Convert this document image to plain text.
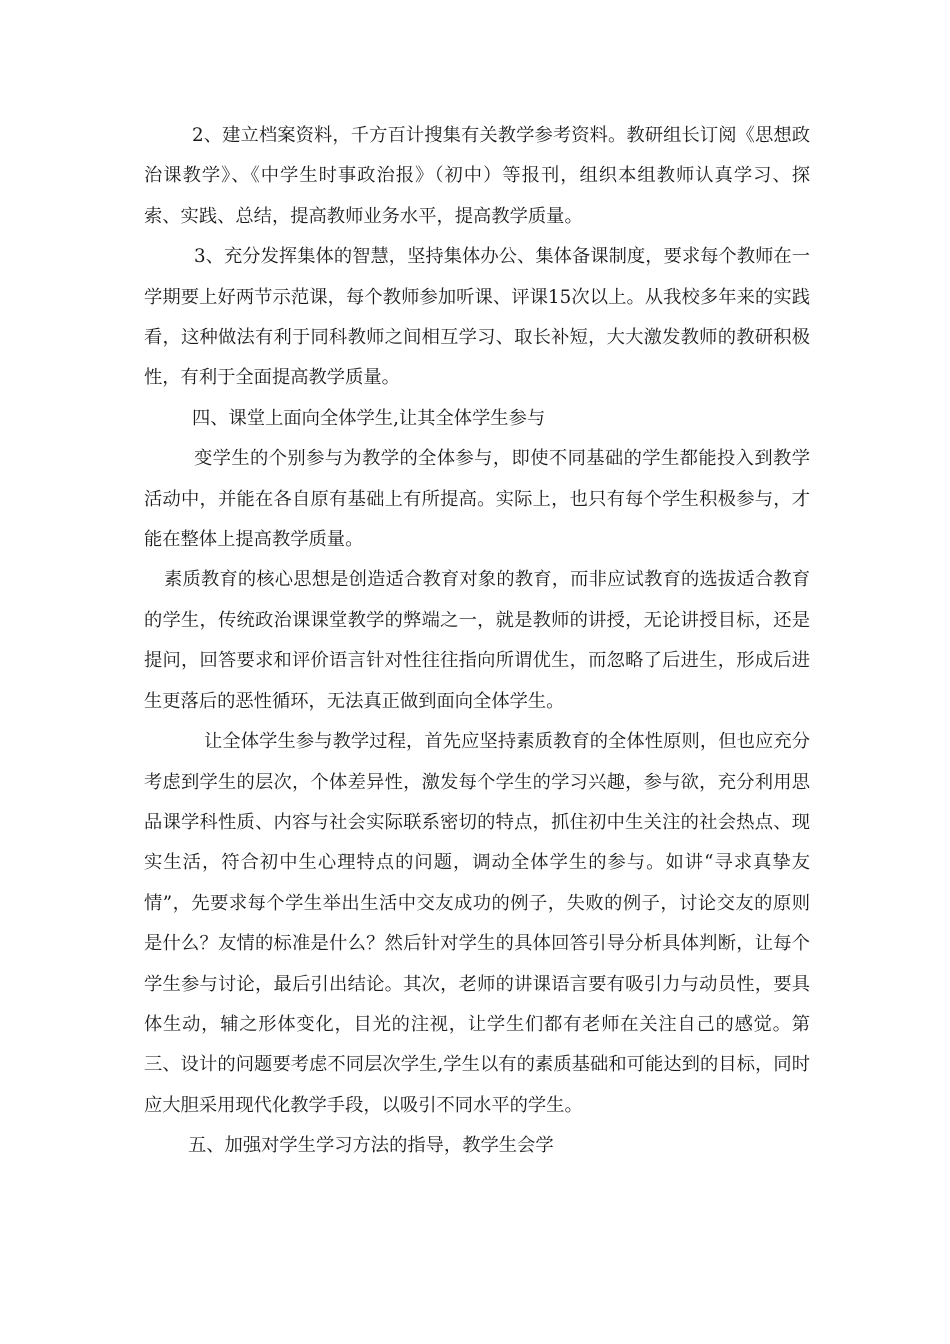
2、建立档案资料，千方百计搜集有关教学参考资料。教研组长订阅《思想政治课教学》、《中学生时事政治报》（初中）等报刊，组织本组教师认真学习、探索、实践、总结，提高教师业务水平，提高教学质量。

3、充分发挥集体的智慧，坚持集体办公、集体备课制度，要求每个教师在一学期要上好两节示范课，每个教师参加听课、评课15次以上。从我校多年来的实践看，这种做法有利于同科教师之间相互学习、取长补短，大大激发教师的教研积极性，有利于全面提高教学质量。

四、课堂上面向全体学生,让其全体学生参与

变学生的个别参与为教学的全体参与，即使不同基础的学生都能投入到教学活动中，并能在各自原有基础上有所提高。实际上，也只有每个学生积极参与，才能在整体上提高教学质量。

素质教育的核心思想是创造适合教育对象的教育，而非应试教育的选拔适合教育的学生，传统政治课课堂教学的弊端之一，就是教师的讲授，无论讲授目标，还是提问，回答要求和评价语言针对性往往指向所谓优生，而忽略了后进生，形成后进生更落后的恶性循环，无法真正做到面向全体学生。

让全体学生参与教学过程，首先应坚持素质教育的全体性原则，但也应充分考虑到学生的层次，个体差异性，激发每个学生的学习兴趣，参与欲，充分利用思品课学科性质、内容与社会实际联系密切的特点，抓住初中生关注的社会热点、现实生活，符合初中生心理特点的问题，调动全体学生的参与。如讲“寻求真挚友情”，先要求每个学生举出生活中交友成功的例子，失败的例子，讨论交友的原则是什么？友情的标准是什么？然后针对学生的具体回答引导分析具体判断，让每个学生参与讨论，最后引出结论。其次，老师的讲课语言要有吸引力与动员性，要具体生动，辅之形体变化，目光的注视，让学生们都有老师在关注自己的感觉。第三、设计的问题要考虑不同层次学生,学生以有的素质基础和可能达到的目标，同时应大胆采用现代化教学手段，以吸引不同水平的学生。

五、加强对学生学习方法的指导，教学生会学
